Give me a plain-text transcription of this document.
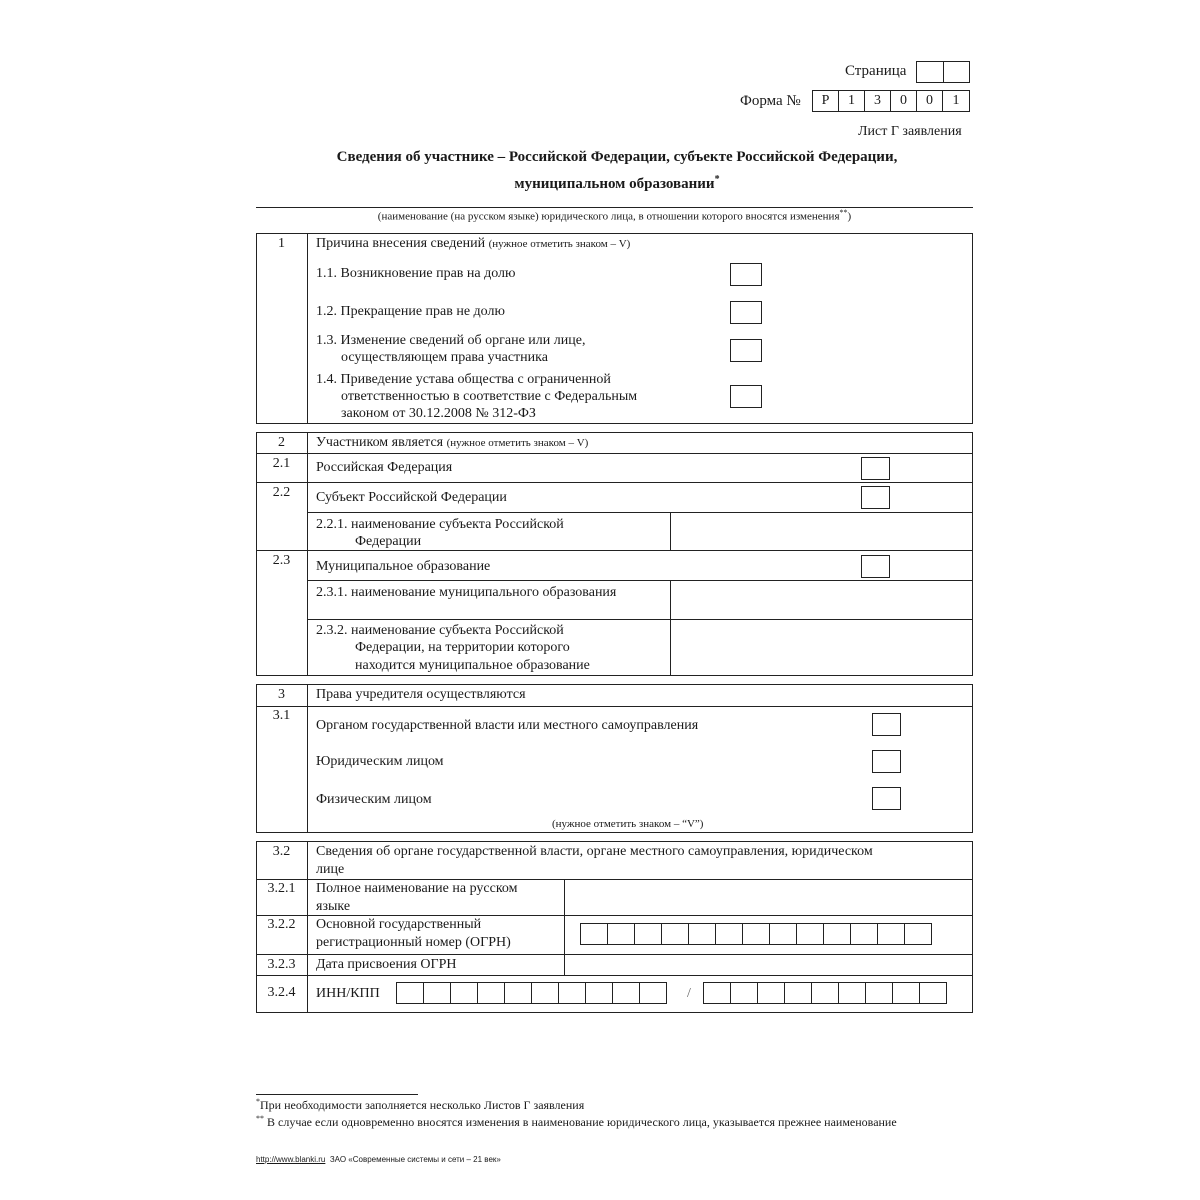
Страница
Форма №	Р	1	3	0	0	1
Лист Г заявления
Сведения об участнике – Российской Федерации, субъекте Российской Федерации,
муниципальном образовании*
(наименование (на русском языке) юридического лица, в отношении которого вносятся изменения**)
1	Причина внесения сведений (нужное отметить знаком – V)
1.1. Возникновение прав на долю
1.2. Прекращение прав не долю
1.3. Изменение сведений об органе или лице,
осуществляющем права участника
1.4. Приведение устава общества с ограниченной
ответственностью в соответствие с Федеральным
законом от 30.12.2008 № 312-ФЗ
2	Участником является (нужное отметить знаком – V)
2.1	Российская Федерация
2.2	Субъект Российской Федерации
2.2.1. наименование субъекта Российской
Федерации
2.3	Муниципальное образование
2.3.1. наименование муниципального образования
2.3.2. наименование субъекта Российской
Федерации, на территории которого
находится муниципальное образование
3	Права учредителя осуществляются
3.1
Органом государственной власти или местного самоуправления
Юридическим лицом
Физическим лицом
(нужное отметить знаком – “V”)
3.2	Сведения об органе государственной власти, органе местного самоуправления, юридическом
лице
3.2.1	Полное наименование на русском
языке
3.2.2	Основной государственный
регистрационный номер (ОГРН)
3.2.3	Дата присвоения ОГРН
3.2.4	ИНН/КПП	/
*При необходимости заполняется несколько Листов Г заявления
** В случае если одновременно вносятся изменения в наименование юридического лица, указывается прежнее наименование
http://www.blanki.ru ЗАО «Современные системы и сети – 21 век»
